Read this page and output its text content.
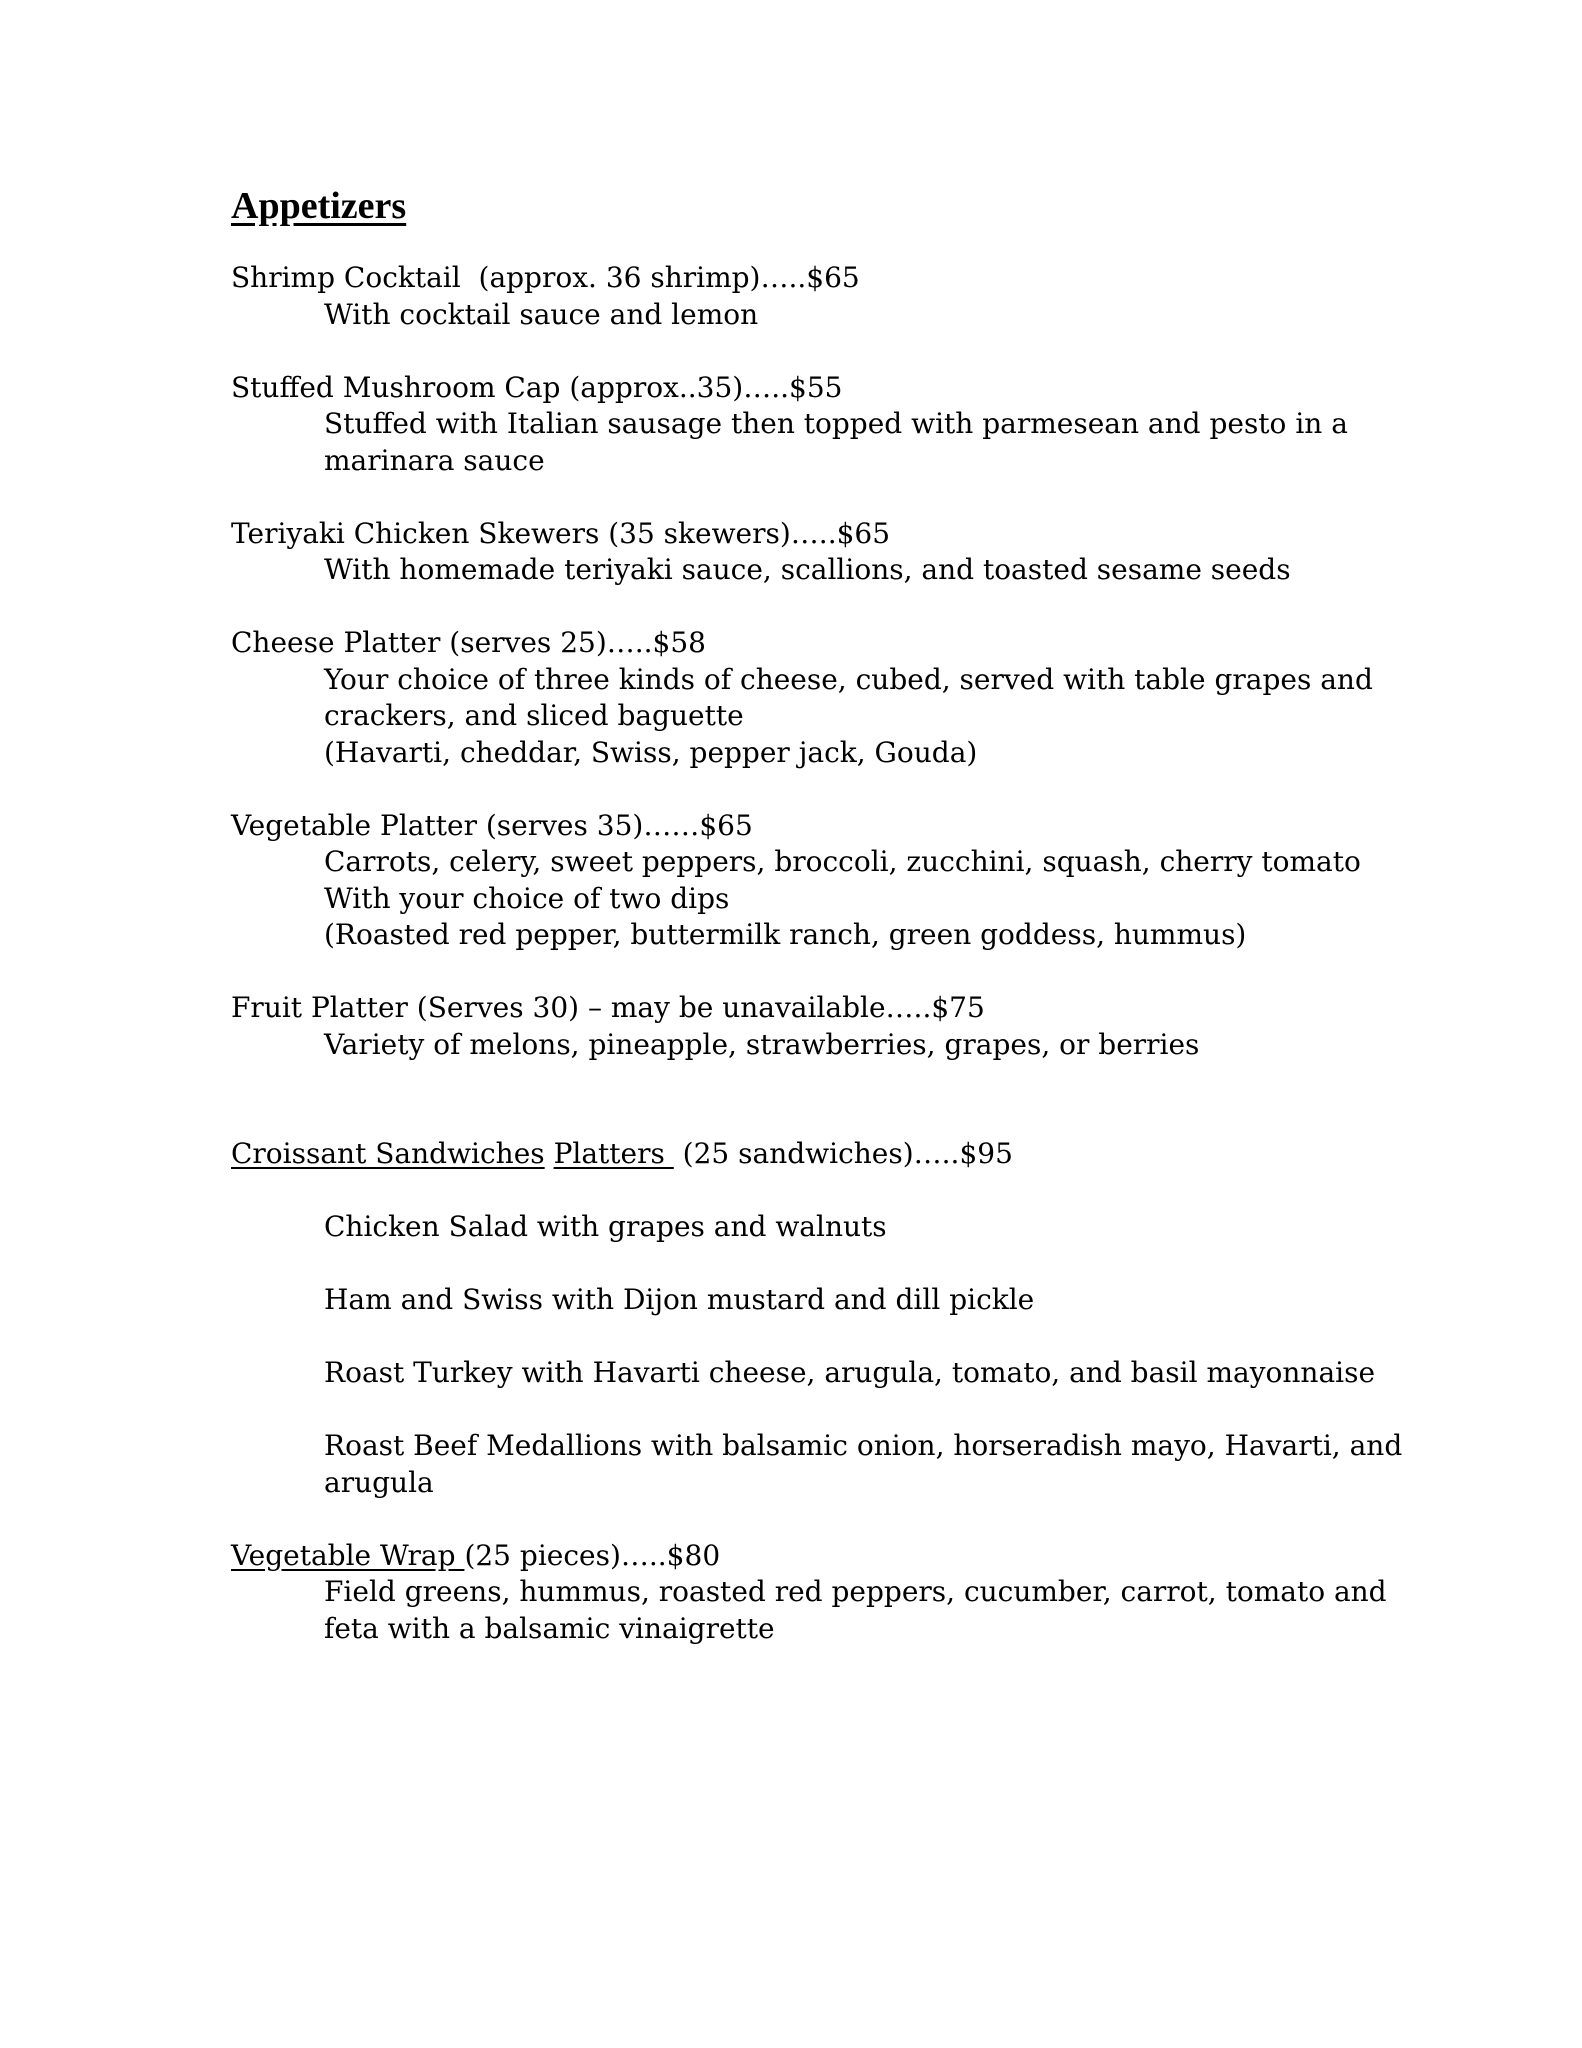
Appetizers
Shrimp Cocktail  (approx. 36 shrimp)…..$65
With cocktail sauce and lemon
Stuffed Mushroom Cap (approx..35)…..$55
Stuffed with Italian sausage then topped with parmesean and pesto in a
marinara sauce
Teriyaki Chicken Skewers (35 skewers)…..$65
With homemade teriyaki sauce, scallions, and toasted sesame seeds
Cheese Platter (serves 25)…..$58
Your choice of three kinds of cheese, cubed, served with table grapes and
crackers, and sliced baguette
(Havarti, cheddar, Swiss, pepper jack, Gouda)
Vegetable Platter (serves 35)……$65
Carrots, celery, sweet peppers, broccoli, zucchini, squash, cherry tomato
With your choice of two dips
(Roasted red pepper, buttermilk ranch, green goddess, hummus)
Fruit Platter (Serves 30) – may be unavailable…..$75
Variety of melons, pineapple, strawberries, grapes, or berries
Croissant Sandwiches Platters  (25 sandwiches)…..$95
Chicken Salad with grapes and walnuts
Ham and Swiss with Dijon mustard and dill pickle
Roast Turkey with Havarti cheese, arugula, tomato, and basil mayonnaise
Roast Beef Medallions with balsamic onion, horseradish mayo, Havarti, and
arugula
Vegetable Wrap (25 pieces)…..$80
Field greens, hummus, roasted red peppers, cucumber, carrot, tomato and
feta with a balsamic vinaigrette
